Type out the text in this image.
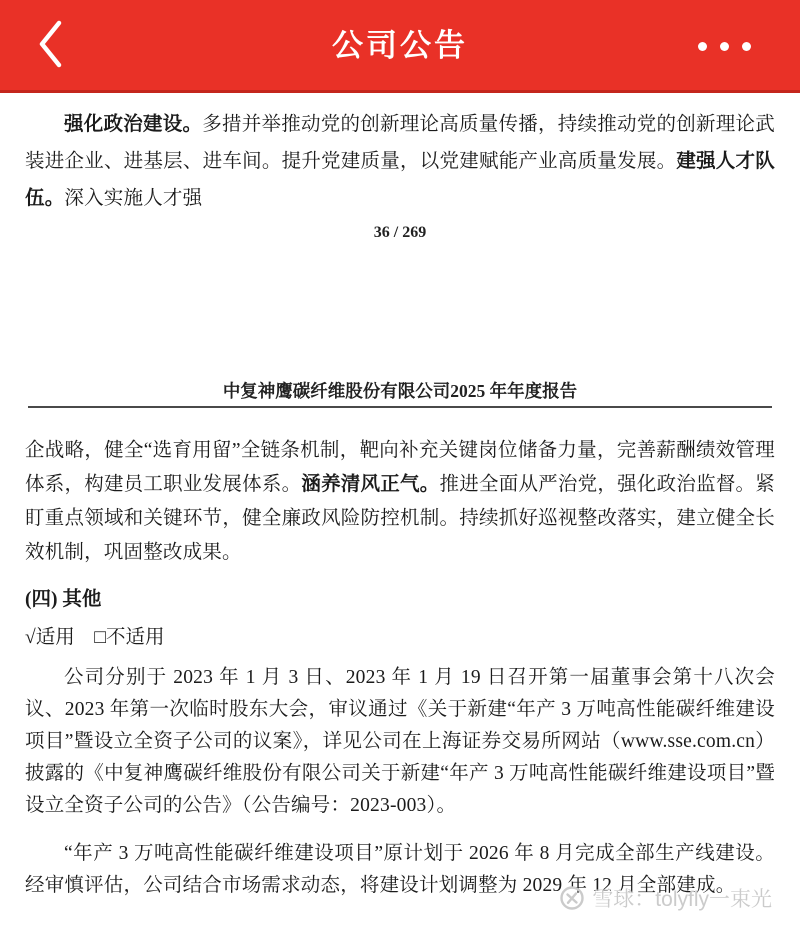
公司公告

强化政治建设。多措并举推动党的创新理论高质量传播，持续推动党的创新理论武装进企业、进基层、进车间。提升党建质量，以党建赋能产业高质量发展。建强人才队伍。深入实施人才强

36 / 269
中复神鹰碳纤维股份有限公司2025 年年度报告

企战略，健全“选育用留”全链条机制，靶向补充关键岗位储备力量，完善薪酬绩效管理体系，构建员工职业发展体系。涵养清风正气。推进全面从严治党，强化政治监督。紧盯重点领域和关键环节，健全廉政风险防控机制。持续抓好巡视整改落实，建立健全长效机制，巩固整改成果。

(四) 其他

√适用　□不适用

公司分别于 2023 年 1 月 3 日、2023 年 1 月 19 日召开第一届董事会第十八次会议、2023 年第一次临时股东大会，审议通过《关于新建“年产 3 万吨高性能碳纤维建设项目”暨设立全资子公司的议案》，详见公司在上海证券交易所网站（www.sse.com.cn）披露的《中复神鹰碳纤维股份有限公司关于新建“年产 3 万吨高性能碳纤维建设项目”暨设立全资子公司的公告》（公告编号：2023-003）。

“年产 3 万吨高性能碳纤维建设项目”原计划于 2026 年 8 月完成全部生产线建设。经审慎评估，公司结合市场需求动态，将建设计划调整为 2029 年 12 月全部建成。

雪球：tolyfly一束光
